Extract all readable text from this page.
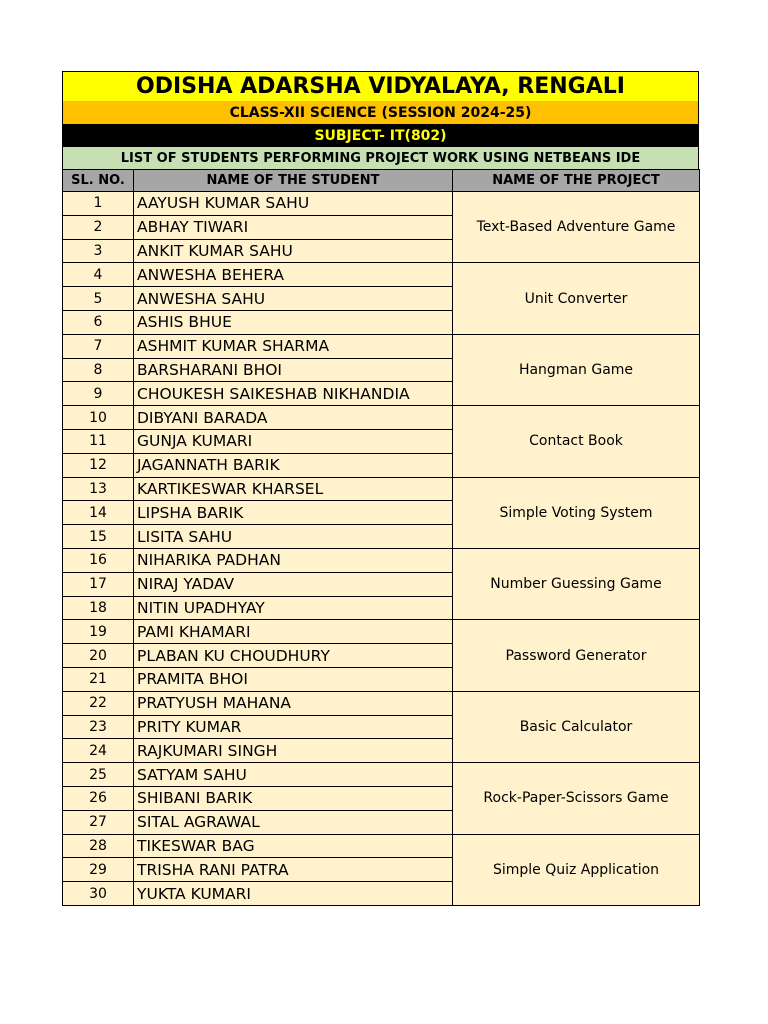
ODISHA ADARSHA VIDYALAYA, RENGALI
CLASS-XII SCIENCE (SESSION 2024-25)
SUBJECT- IT(802)
LIST OF STUDENTS PERFORMING PROJECT WORK USING NETBEANS IDE
SL. NO.	NAME OF THE STUDENT	NAME OF THE PROJECT
1	AAYUSH KUMAR SAHU	Text-Based Adventure Game
2	ABHAY TIWARI	
3	ANKIT KUMAR SAHU	
4	ANWESHA BEHERA	Unit Converter
5	ANWESHA SAHU	
6	ASHIS BHUE	
7	ASHMIT KUMAR SHARMA	Hangman Game
8	BARSHARANI BHOI	
9	CHOUKESH SAIKESHAB NIKHANDIA	
10	DIBYANI BARADA	Contact Book
11	GUNJA KUMARI	
12	JAGANNATH BARIK	
13	KARTIKESWAR KHARSEL	Simple Voting System
14	LIPSHA BARIK	
15	LISITA SAHU	
16	NIHARIKA PADHAN	Number Guessing Game
17	NIRAJ YADAV	
18	NITIN UPADHYAY	
19	PAMI KHAMARI	Password Generator
20	PLABAN KU CHOUDHURY	
21	PRAMITA BHOI	
22	PRATYUSH MAHANA	Basic Calculator
23	PRITY KUMAR	
24	RAJKUMARI SINGH	
25	SATYAM SAHU	Rock-Paper-Scissors Game
26	SHIBANI BARIK	
27	SITAL AGRAWAL	
28	TIKESWAR BAG	Simple Quiz Application
29	TRISHA RANI PATRA	
30	YUKTA KUMARI	
